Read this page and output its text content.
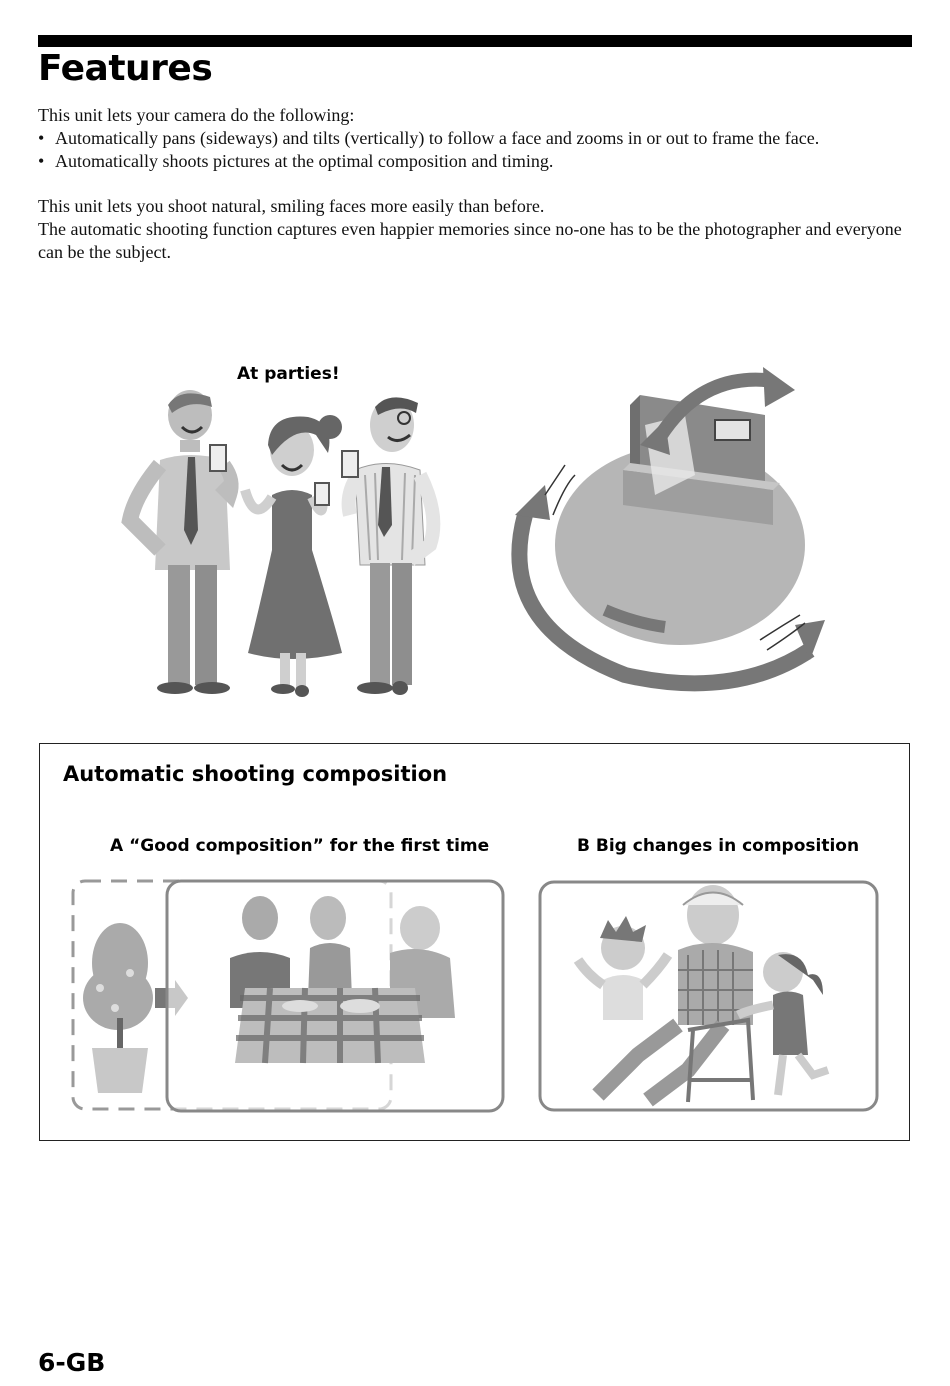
Features

This unit lets your camera do the following:

• Automatically pans (sideways) and tilts (vertically) to follow a face and zooms in or out to frame the face.
• Automatically shoots pictures at the optimal composition and timing.

This unit lets you shoot natural, smiling faces more easily than before.

The automatic shooting function captures even happier memories since no-one has to be the photographer and everyone can be the subject.

At parties!
Automatic shooting composition
A “Good composition” for the first time	B Big changes in composition
6-GB
